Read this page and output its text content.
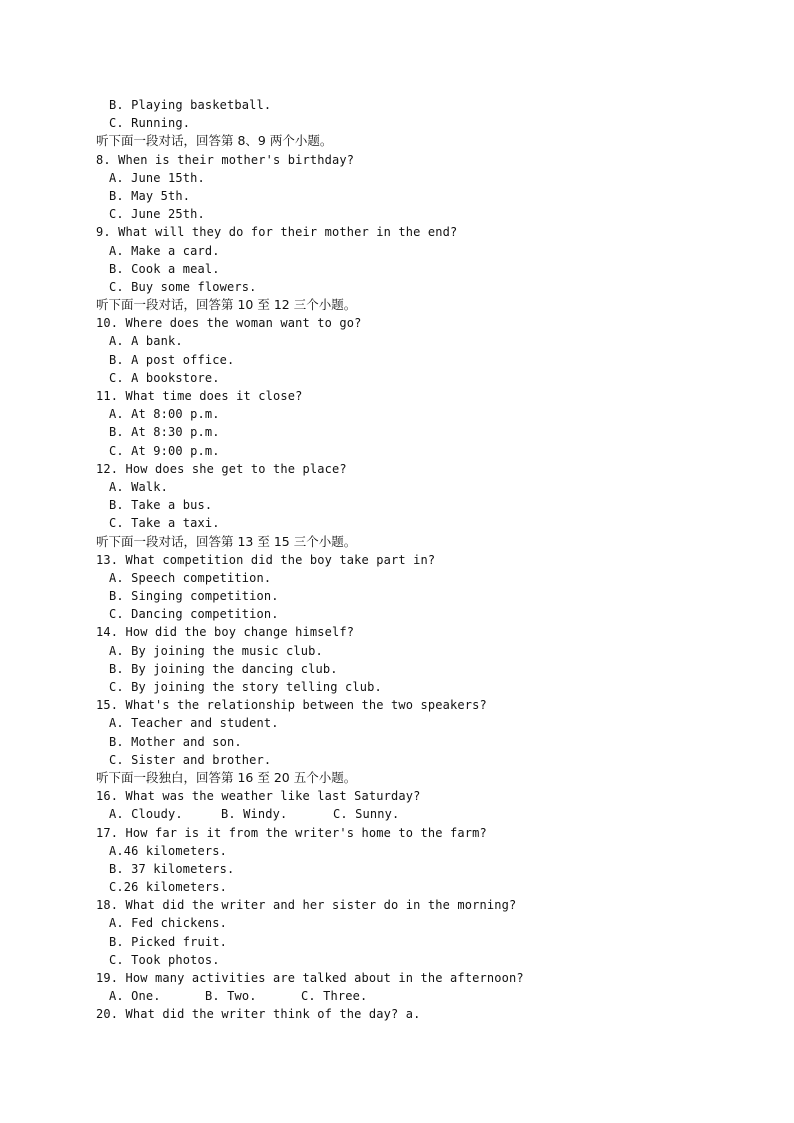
B. Playing basketball.
C. Running.
听下面一段对话，回答第 8、9 两个小题。
8. When is their mother's birthday?
A. June 15th.
B. May 5th.
C. June 25th.
9. What will they do for their mother in the end?
A. Make a card.
B. Cook a meal.
C. Buy some flowers.
听下面一段对话，回答第 10 至 12 三个小题。
10. Where does the woman want to go?
A. A bank.
B. A post office.
C. A bookstore.
11. What time does it close?
A. At 8:00 p.m.
B. At 8:30 p.m.
C. At 9:00 p.m.
12. How does she get to the place?
A. Walk.
B. Take a bus.
C. Take a taxi.
听下面一段对话，回答第 13 至 15 三个小题。
13. What competition did the boy take part in?
A. Speech competition.
B. Singing competition.
C. Dancing competition.
14. How did the boy change himself?
A. By joining the music club.
B. By joining the dancing club.
C. By joining the story telling club.
15. What's the relationship between the two speakers?
A. Teacher and student.
B. Mother and son.
C. Sister and brother.
听下面一段独白，回答第 16 至 20 五个小题。
16. What was the weather like last Saturday?
A. Cloudy.	B. Windy.	C. Sunny.
17. How far is it from the writer's home to the farm?
A.46 kilometers.
B. 37 kilometers.
C.26 kilometers.
18. What did the writer and her sister do in the morning?
A. Fed chickens.
B. Picked fruit.
C. Took photos.
19. How many activities are talked about in the afternoon?
A. One.	B. Two.	C. Three.
20. What did the writer think of the day? a.
